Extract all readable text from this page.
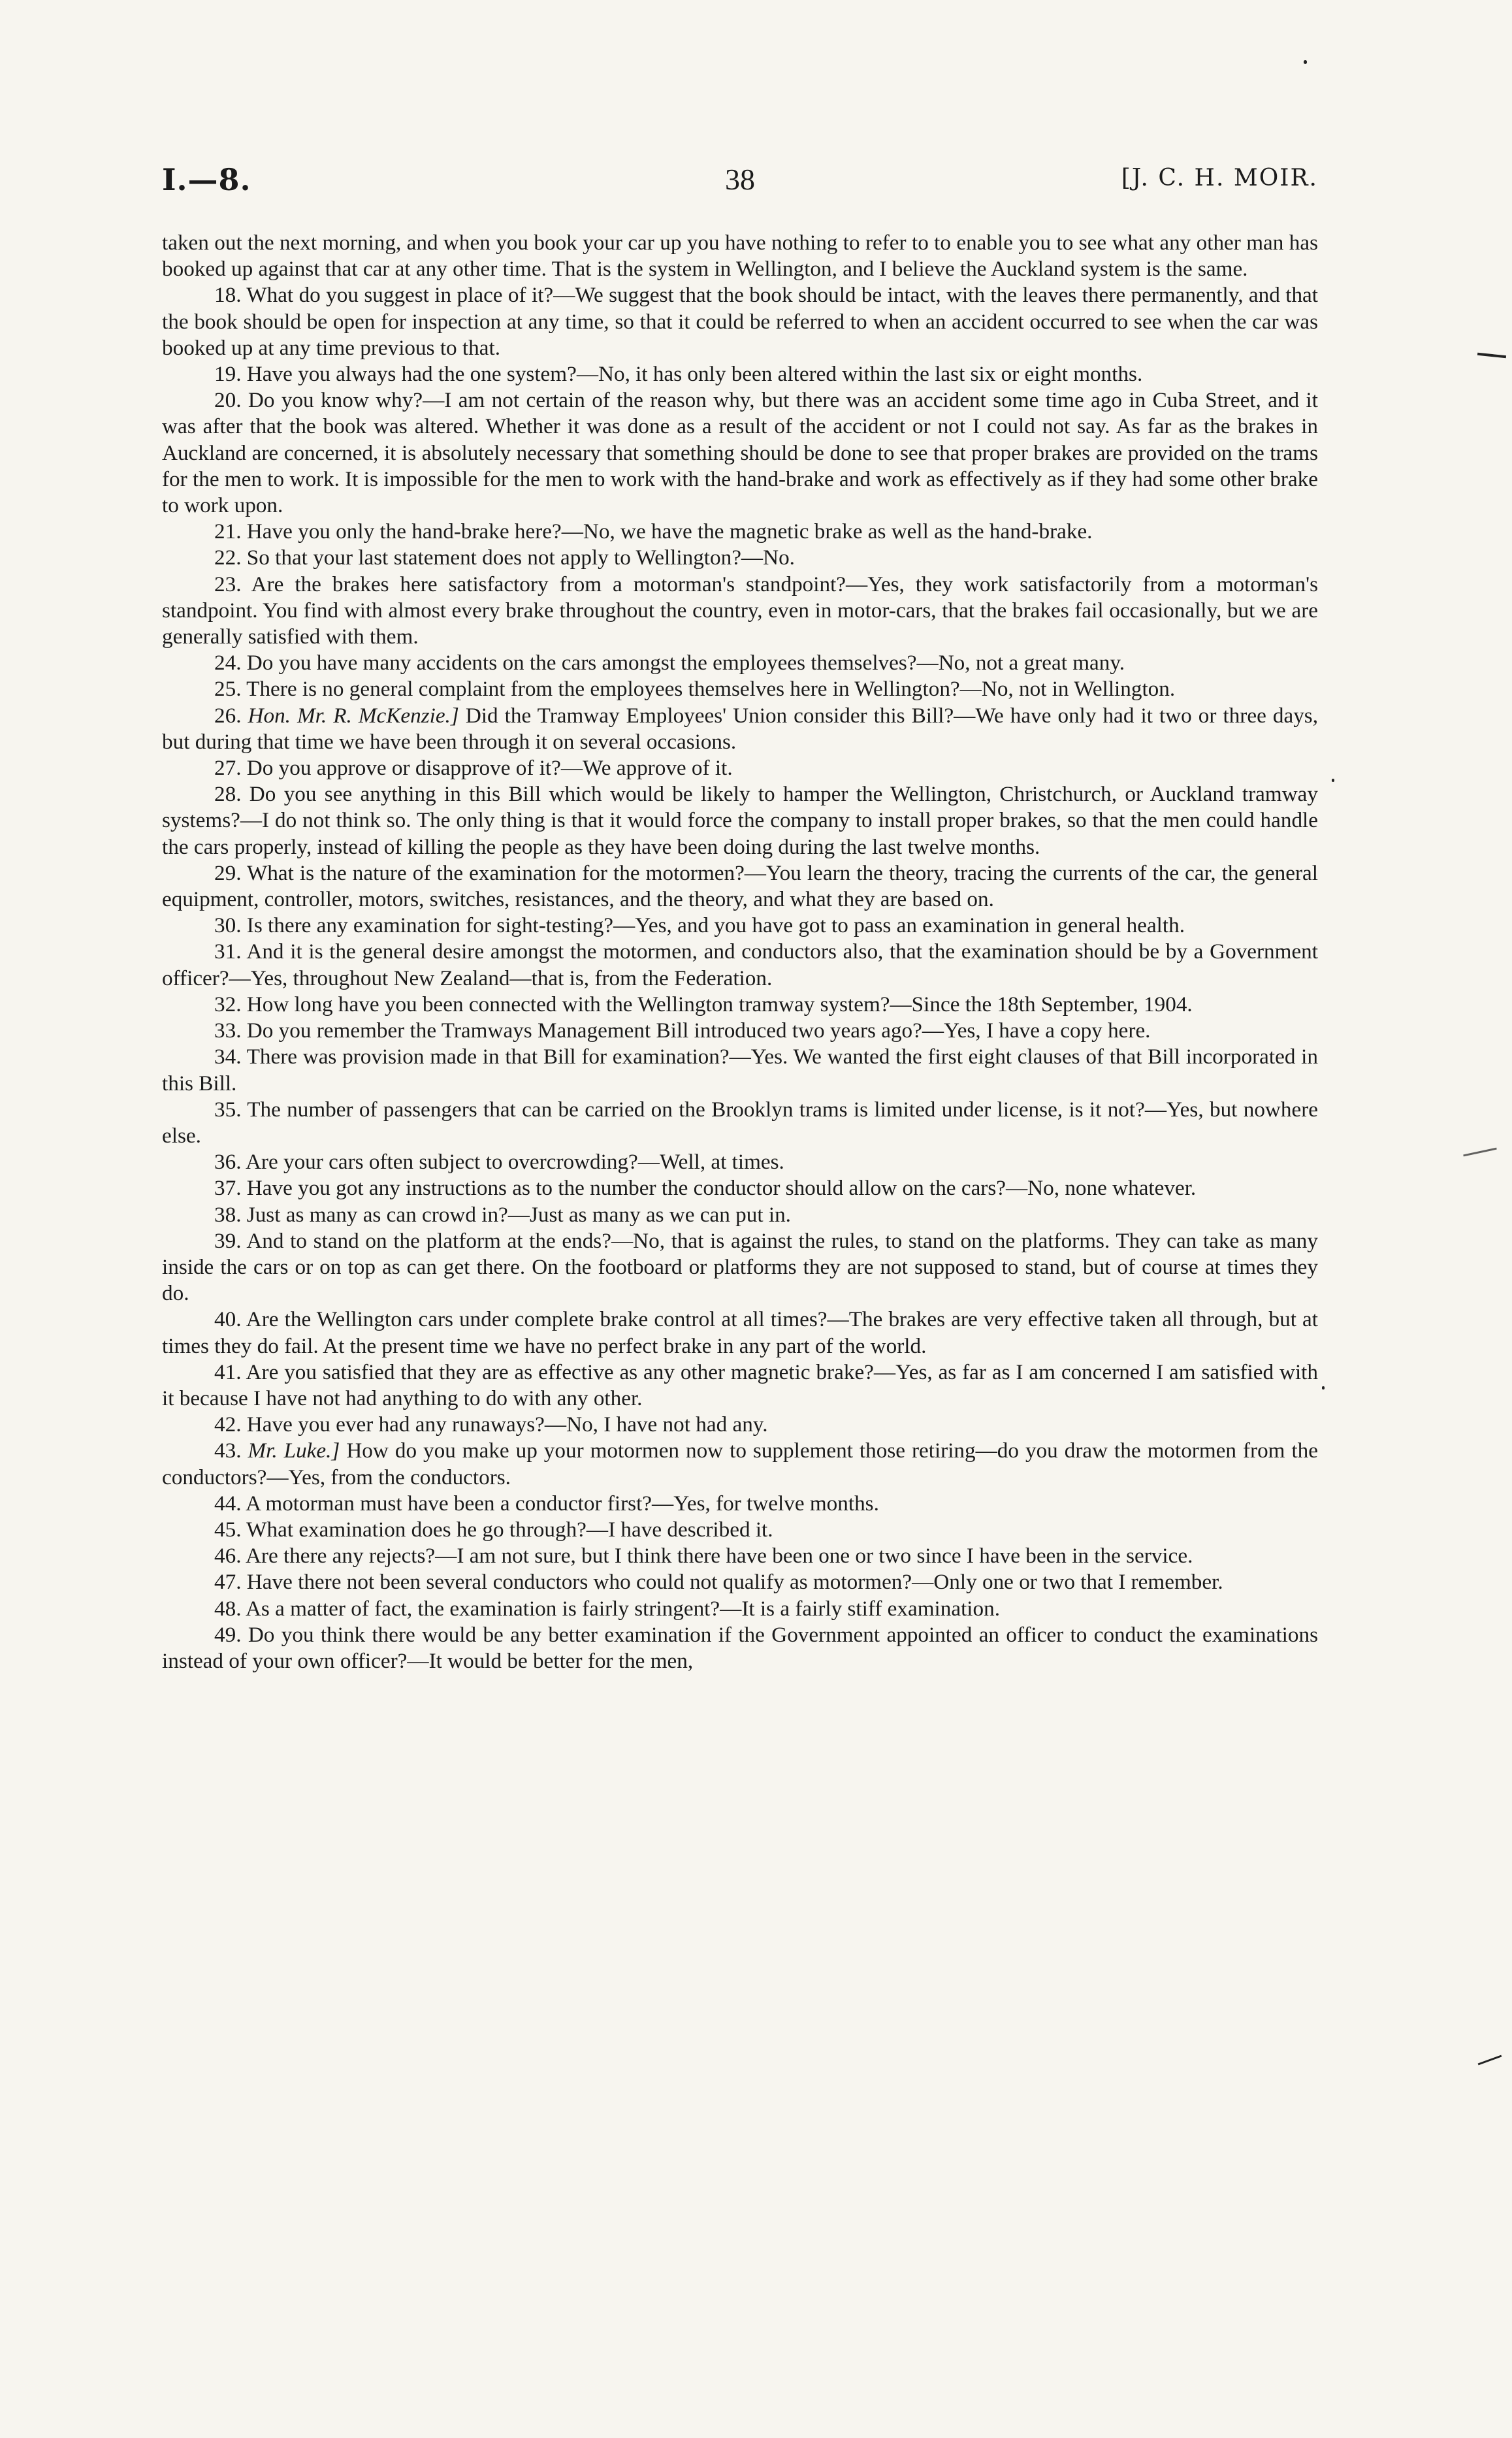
I.—8.	38	[J. C. H. MOIR.

taken out the next morning, and when you book your car up you have nothing to refer to to enable you to see what any other man has booked up against that car at any other time. That is the system in Wellington, and I believe the Auckland system is the same.

18. What do you suggest in place of it?—We suggest that the book should be intact, with the leaves there permanently, and that the book should be open for inspection at any time, so that it could be referred to when an accident occurred to see when the car was booked up at any time previous to that.

19. Have you always had the one system?—No, it has only been altered within the last six or eight months.

20. Do you know why?—I am not certain of the reason why, but there was an accident some time ago in Cuba Street, and it was after that the book was altered. Whether it was done as a result of the accident or not I could not say. As far as the brakes in Auckland are concerned, it is absolutely necessary that something should be done to see that proper brakes are provided on the trams for the men to work. It is impossible for the men to work with the hand-brake and work as effectively as if they had some other brake to work upon.

21. Have you only the hand-brake here?—No, we have the magnetic brake as well as the hand-brake.

22. So that your last statement does not apply to Wellington?—No.

23. Are the brakes here satisfactory from a motorman's standpoint?—Yes, they work satisfactorily from a motorman's standpoint. You find with almost every brake throughout the country, even in motor-cars, that the brakes fail occasionally, but we are generally satisfied with them.

24. Do you have many accidents on the cars amongst the employees themselves?—No, not a great many.

25. There is no general complaint from the employees themselves here in Wellington?—No, not in Wellington.

26. Hon. Mr. R. McKenzie.] Did the Tramway Employees' Union consider this Bill?—We have only had it two or three days, but during that time we have been through it on several occasions.

27. Do you approve or disapprove of it?—We approve of it.

28. Do you see anything in this Bill which would be likely to hamper the Wellington, Christchurch, or Auckland tramway systems?—I do not think so. The only thing is that it would force the company to install proper brakes, so that the men could handle the cars properly, instead of killing the people as they have been doing during the last twelve months.

29. What is the nature of the examination for the motormen?—You learn the theory, tracing the currents of the car, the general equipment, controller, motors, switches, resistances, and the theory, and what they are based on.

30. Is there any examination for sight-testing?—Yes, and you have got to pass an examination in general health.

31. And it is the general desire amongst the motormen, and conductors also, that the examination should be by a Government officer?—Yes, throughout New Zealand—that is, from the Federation.

32. How long have you been connected with the Wellington tramway system?—Since the 18th September, 1904.

33. Do you remember the Tramways Management Bill introduced two years ago?—Yes, I have a copy here.

34. There was provision made in that Bill for examination?—Yes. We wanted the first eight clauses of that Bill incorporated in this Bill.

35. The number of passengers that can be carried on the Brooklyn trams is limited under license, is it not?—Yes, but nowhere else.

36. Are your cars often subject to overcrowding?—Well, at times.

37. Have you got any instructions as to the number the conductor should allow on the cars?—No, none whatever.

38. Just as many as can crowd in?—Just as many as we can put in.

39. And to stand on the platform at the ends?—No, that is against the rules, to stand on the platforms. They can take as many inside the cars or on top as can get there. On the footboard or platforms they are not supposed to stand, but of course at times they do.

40. Are the Wellington cars under complete brake control at all times?—The brakes are very effective taken all through, but at times they do fail. At the present time we have no perfect brake in any part of the world.

41. Are you satisfied that they are as effective as any other magnetic brake?—Yes, as far as I am concerned I am satisfied with it because I have not had anything to do with any other.

42. Have you ever had any runaways?—No, I have not had any.

43. Mr. Luke.] How do you make up your motormen now to supplement those retiring—do you draw the motormen from the conductors?—Yes, from the conductors.

44. A motorman must have been a conductor first?—Yes, for twelve months.

45. What examination does he go through?—I have described it.

46. Are there any rejects?—I am not sure, but I think there have been one or two since I have been in the service.

47. Have there not been several conductors who could not qualify as motormen?—Only one or two that I remember.

48. As a matter of fact, the examination is fairly stringent?—It is a fairly stiff examination.

49. Do you think there would be any better examination if the Government appointed an officer to conduct the examinations instead of your own officer?—It would be better for the men,
